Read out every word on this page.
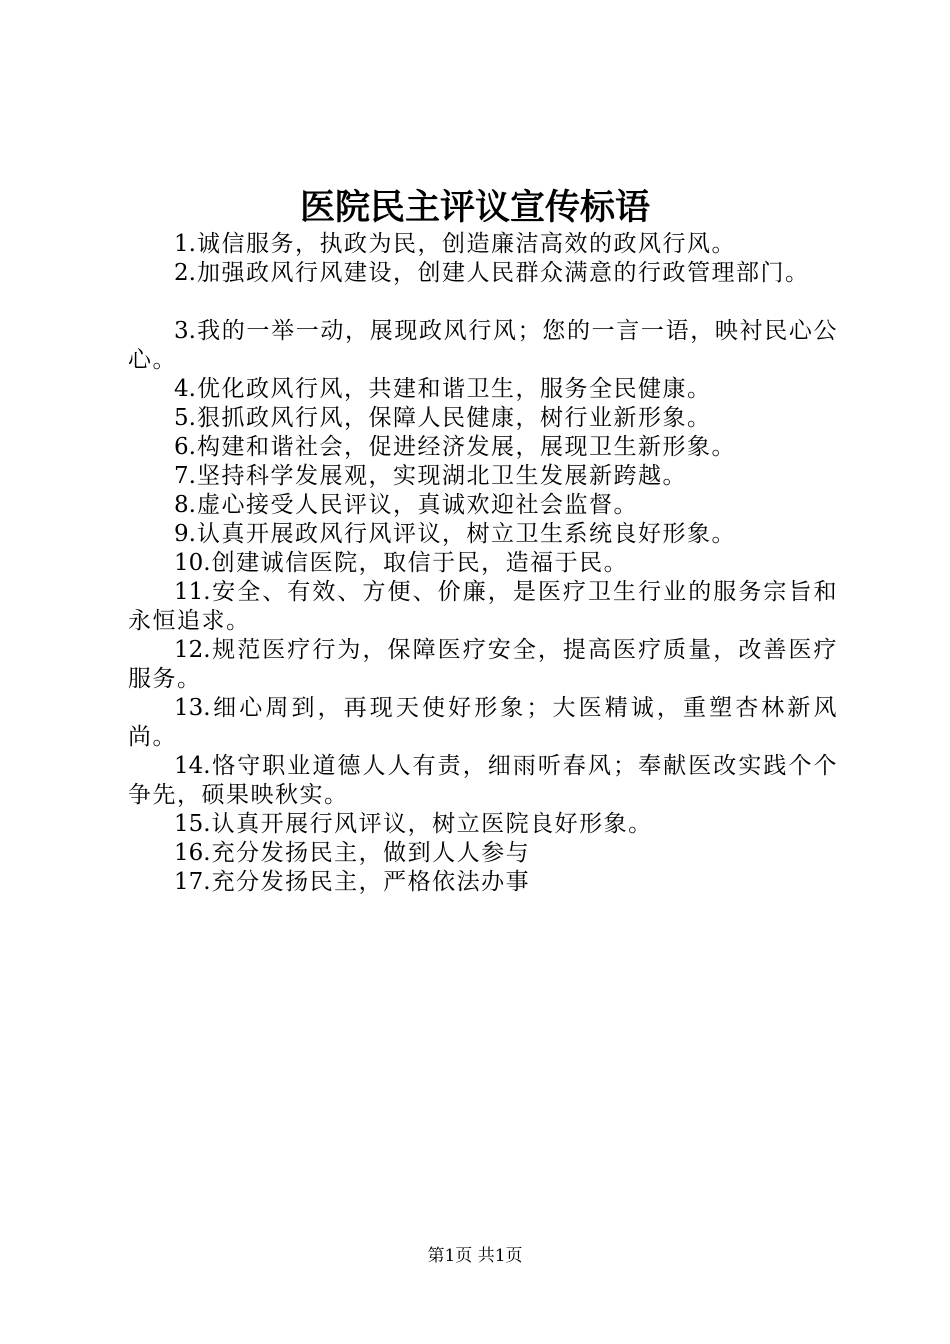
医院民主评议宣传标语

1.诚信服务，执政为民，创造廉洁高效的政风行风。

2.加强政风行风建设，创建人民群众满意的行政管理部门。

3.我的一举一动，展现政风行风；您的一言一语，映衬民心公心。

4.优化政风行风，共建和谐卫生，服务全民健康。

5.狠抓政风行风，保障人民健康，树行业新形象。

6.构建和谐社会，促进经济发展，展现卫生新形象。

7.坚持科学发展观，实现湖北卫生发展新跨越。

8.虚心接受人民评议，真诚欢迎社会监督。

9.认真开展政风行风评议，树立卫生系统良好形象。

10.创建诚信医院，取信于民，造福于民。

11.安全、有效、方便、价廉，是医疗卫生行业的服务宗旨和永恒追求。

12.规范医疗行为，保障医疗安全，提高医疗质量，改善医疗服务。

13.细心周到，再现天使好形象；大医精诚，重塑杏林新风尚。

14.恪守职业道德人人有责，细雨听春风；奉献医改实践个个争先，硕果映秋实。

15.认真开展行风评议，树立医院良好形象。

16.充分发扬民主，做到人人参与

17.充分发扬民主，严格依法办事

第1页 共1页
